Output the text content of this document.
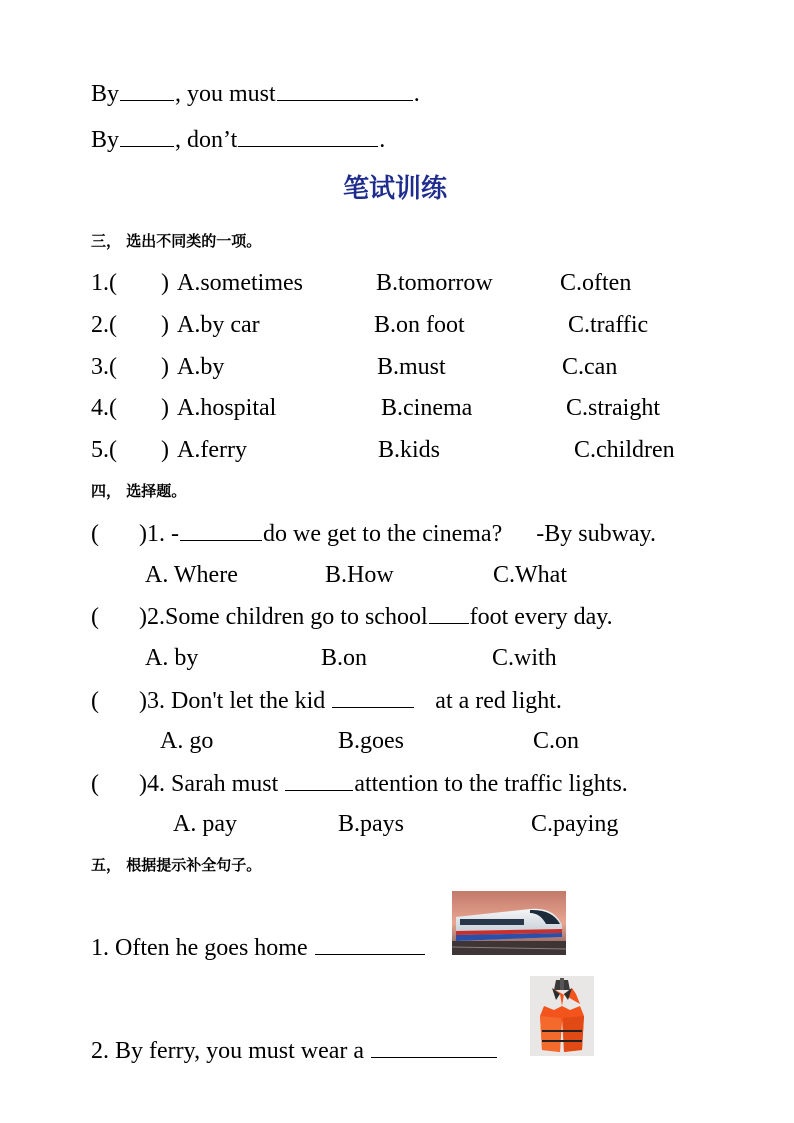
By , you must	.
By , don’t	.
笔试训练
三， 选出不同类的一项。
1.( ) A.sometimes	B.tomorrow	C.often
2.( ) A.by car	B.on foot	C.traffic
3.( ) A.by	B.must	C.can
4.( ) A.hospital	B.cinema	C.straight
5.( ) A.ferry	B.kids	C.children
四， 选择题。
( )1. -	do we get to the cinema? -By subway.
A. Where	B.How	C.What
( )2.Some children go to school foot every day.
A. by	B.on	C.with
( )3. Don't let the kid	at a red light.
A. go	B.goes	C.on
( )4. Sarah must	attention to the traffic lights.
A. pay	B.pays	C.paying
五， 根据提示补全句子。
1. Often he goes home
2. By ferry, you must wear a
